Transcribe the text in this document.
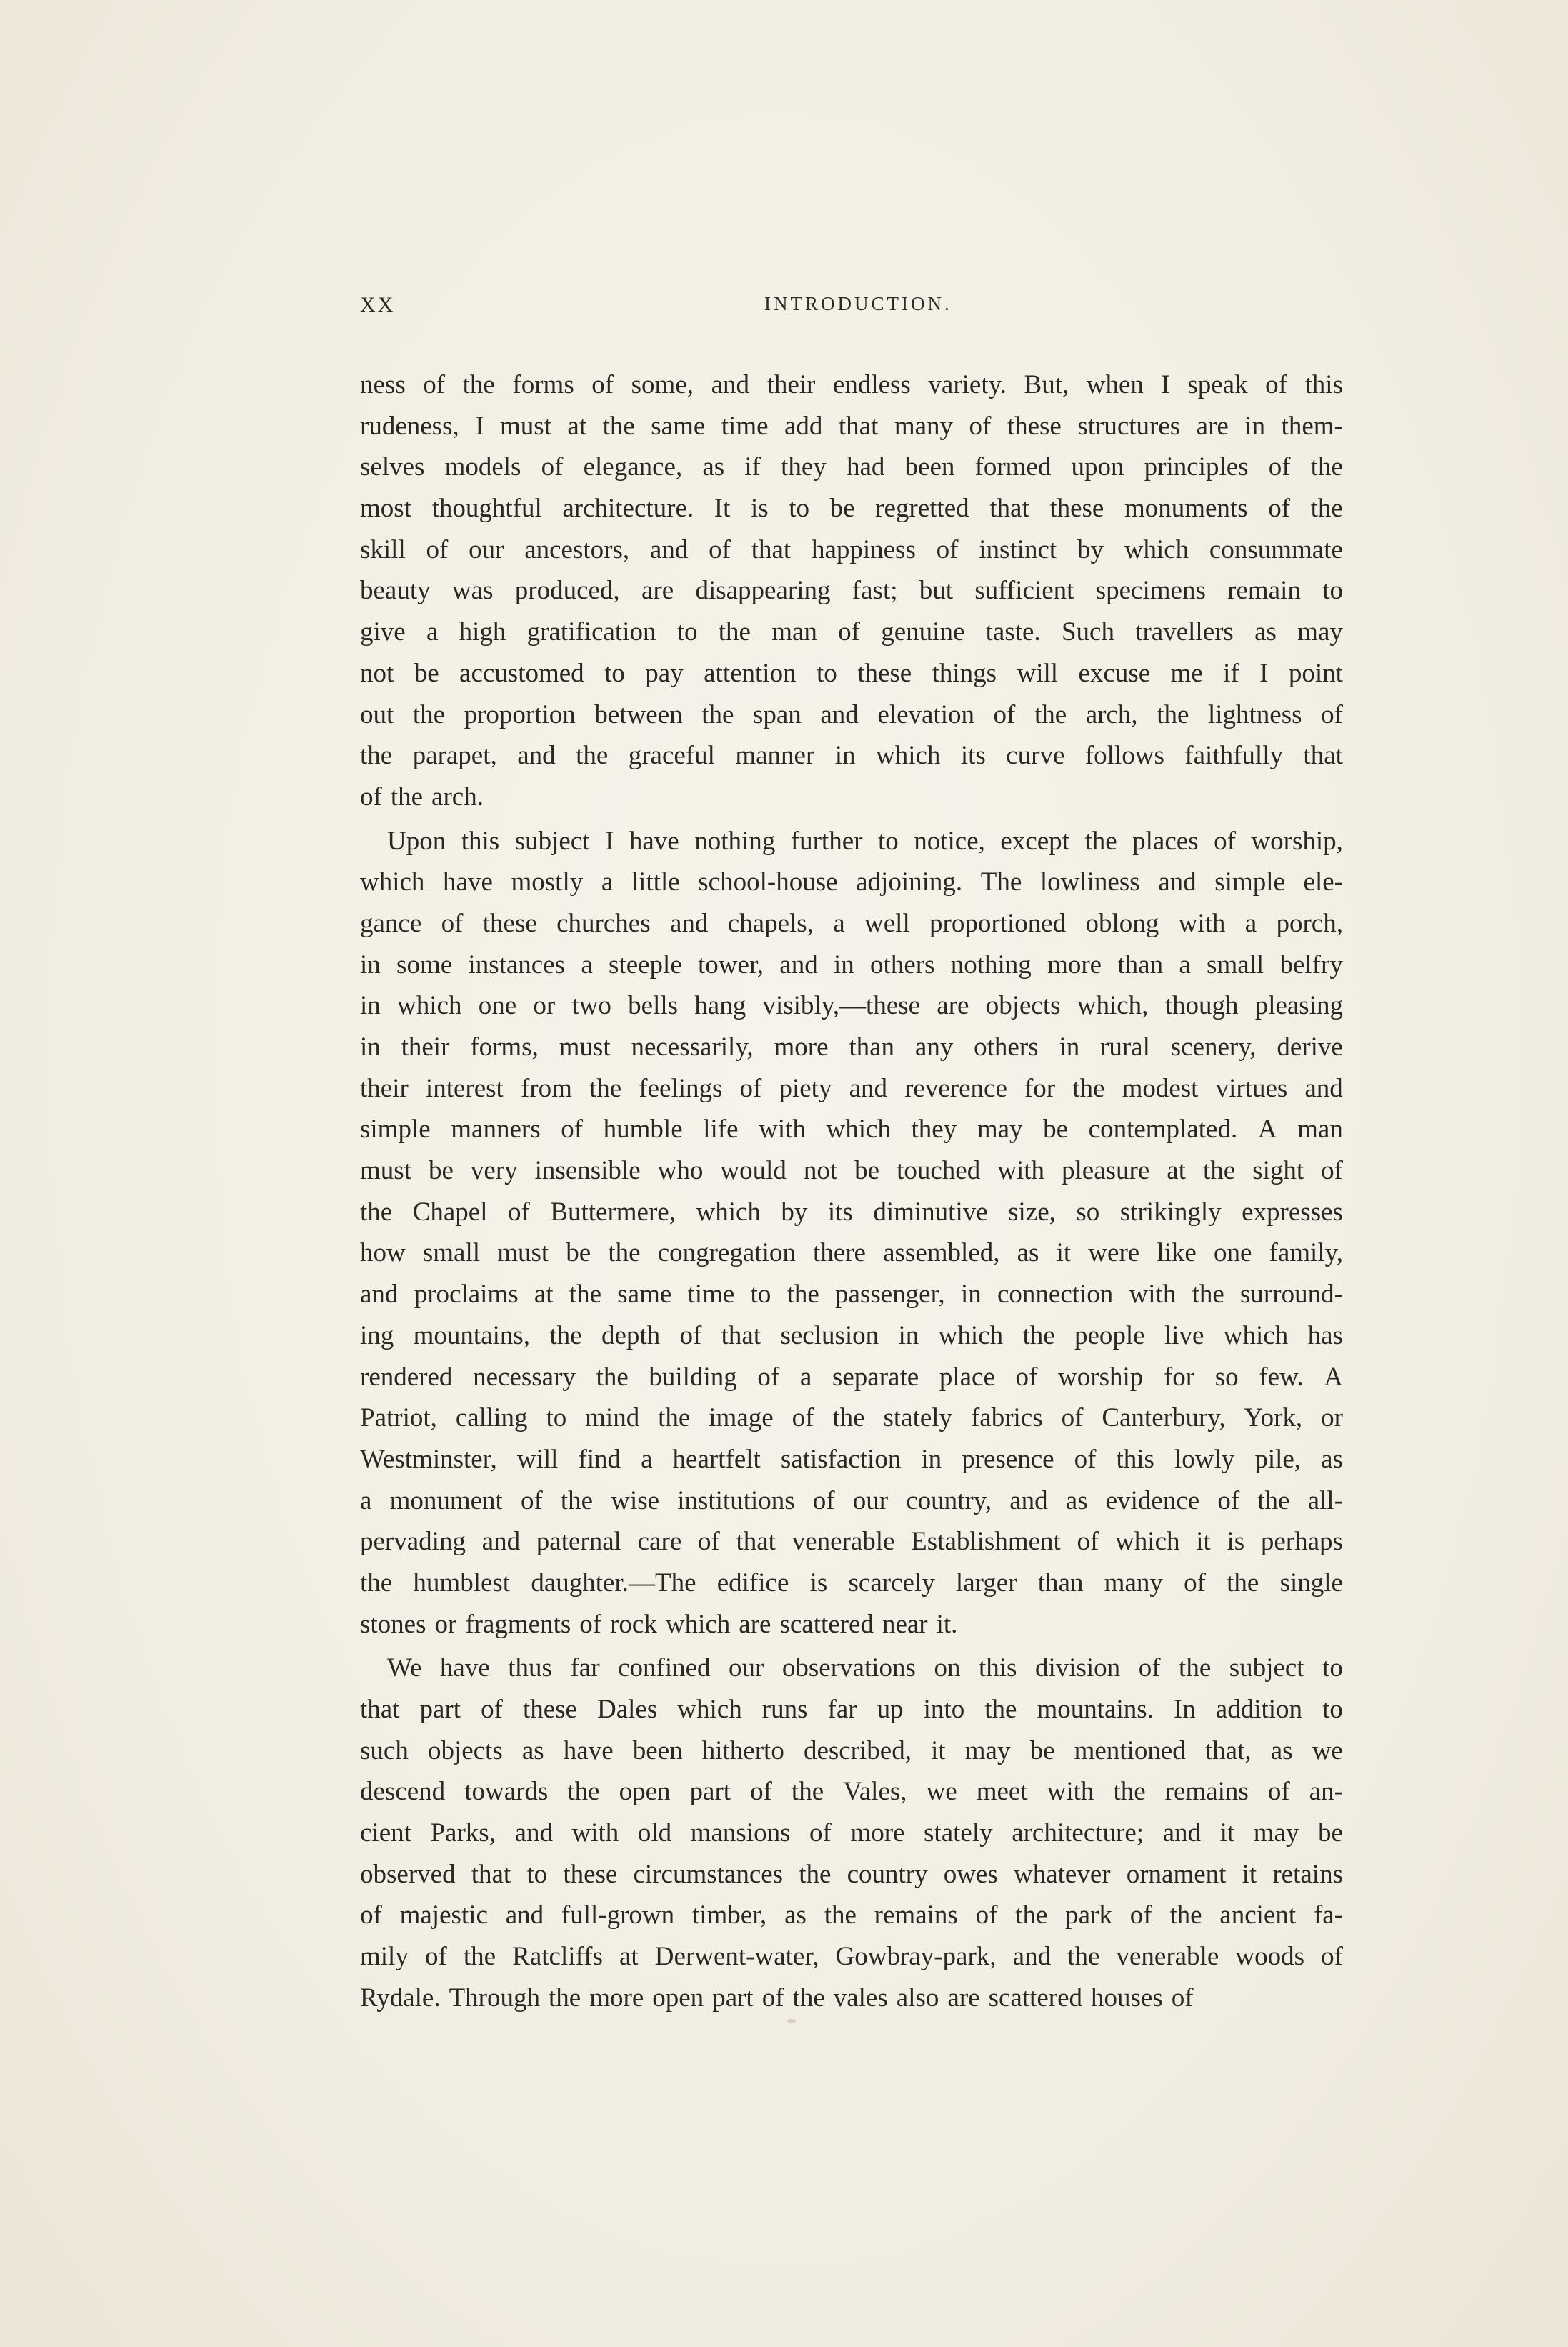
XX	INTRODUCTION.
ness of the forms of some, and their endless variety. But, when I speak of this
rudeness, I must at the same time add that many of these structures are in them-
selves models of elegance, as if they had been formed upon principles of the
most thoughtful architecture. It is to be regretted that these monuments of the
skill of our ancestors, and of that happiness of instinct by which consummate
beauty was produced, are disappearing fast; but sufficient specimens remain to
give a high gratification to the man of genuine taste. Such travellers as may
not be accustomed to pay attention to these things will excuse me if I point
out the proportion between the span and elevation of the arch, the lightness of
the parapet, and the graceful manner in which its curve follows faithfully that
of the arch.
Upon this subject I have nothing further to notice, except the places of worship,
which have mostly a little school-house adjoining. The lowliness and simple ele-
gance of these churches and chapels, a well proportioned oblong with a porch,
in some instances a steeple tower, and in others nothing more than a small belfry
in which one or two bells hang visibly,—these are objects which, though pleasing
in their forms, must necessarily, more than any others in rural scenery, derive
their interest from the feelings of piety and reverence for the modest virtues and
simple manners of humble life with which they may be contemplated. A man
must be very insensible who would not be touched with pleasure at the sight of
the Chapel of Buttermere, which by its diminutive size, so strikingly expresses
how small must be the congregation there assembled, as it were like one family,
and proclaims at the same time to the passenger, in connection with the surround-
ing mountains, the depth of that seclusion in which the people live which has
rendered necessary the building of a separate place of worship for so few. A
Patriot, calling to mind the image of the stately fabrics of Canterbury, York, or
Westminster, will find a heartfelt satisfaction in presence of this lowly pile, as
a monument of the wise institutions of our country, and as evidence of the all-
pervading and paternal care of that venerable Establishment of which it is perhaps
the humblest daughter.—The edifice is scarcely larger than many of the single
stones or fragments of rock which are scattered near it.
We have thus far confined our observations on this division of the subject to
that part of these Dales which runs far up into the mountains. In addition to
such objects as have been hitherto described, it may be mentioned that, as we
descend towards the open part of the Vales, we meet with the remains of an-
cient Parks, and with old mansions of more stately architecture; and it may be
observed that to these circumstances the country owes whatever ornament it retains
of majestic and full-grown timber, as the remains of the park of the ancient fa-
mily of the Ratcliffs at Derwent-water, Gowbray-park, and the venerable woods of
Rydale. Through the more open part of the vales also are scattered houses of
